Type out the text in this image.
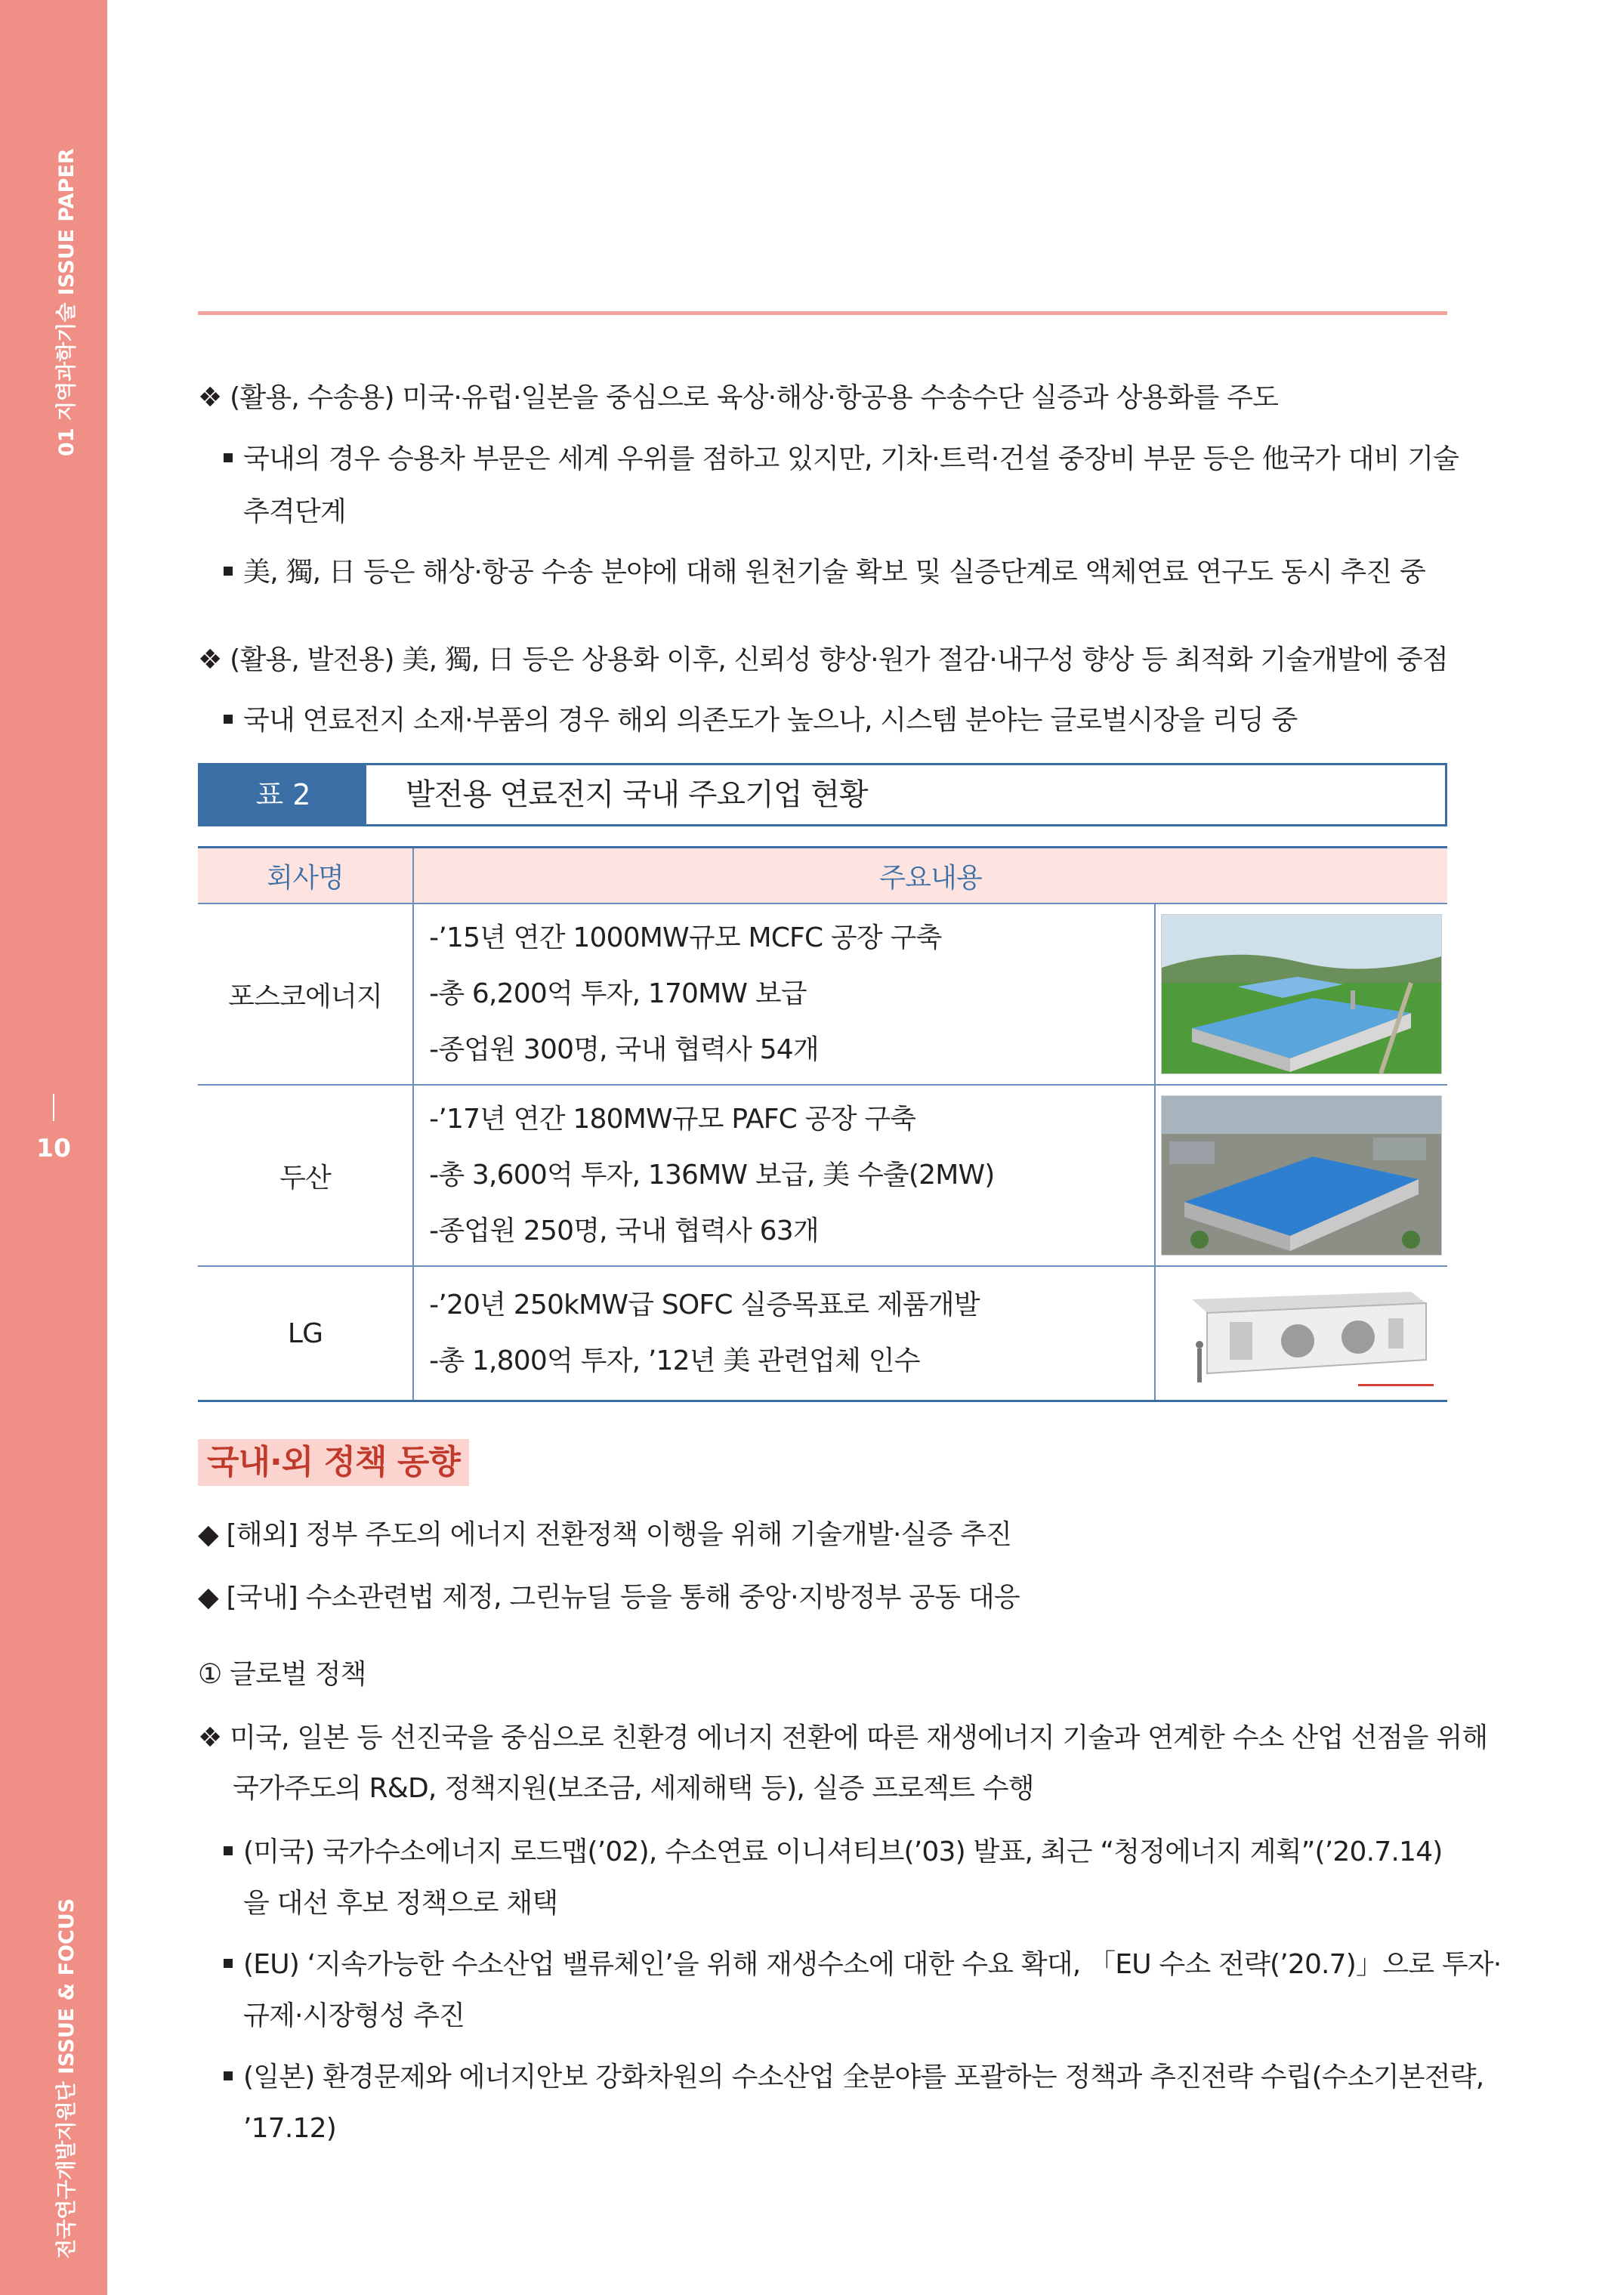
01 지역과학기술 ISSUE PAPER
10
전국연구개발지원단 ISSUE & FOCUS
❖ (활용, 수송용) 미국·유럽·일본을 중심으로 육상·해상·항공용 수송수단 실증과 상용화를 주도
국내의 경우 승용차 부문은 세계 우위를 점하고 있지만, 기차·트럭·건설 중장비 부문 등은 他국가 대비 기술
추격단계
美, 獨, 日 등은 해상·항공 수송 분야에 대해 원천기술 확보 및 실증단계로 액체연료 연구도 동시 추진 중
❖ (활용, 발전용) 美, 獨, 日 등은 상용화 이후, 신뢰성 향상·원가 절감·내구성 향상 등 최적화 기술개발에 중점
국내 연료전지 소재·부품의 경우 해외 의존도가 높으나, 시스템 분야는 글로벌시장을 리딩 중
표 2	발전용 연료전지 국내 주요기업 현황
회사명	주요내용	
포스코에너지	-’15년 연간 1000MW규모 MCFC 공장 구축
-총 6,200억 투자, 170MW 보급
-종업원 300명, 국내 협력사 54개

두산	-’17년 연간 180MW규모 PAFC 공장 구축
-총 3,600억 투자, 136MW 보급, 美 수출(2MW)
-종업원 250명, 국내 협력사 63개

LG	-’20년 250kMW급 SOFC 실증목표로 제품개발
-총 1,800억 투자, ’12년 美 관련업체 인수

국내·외 정책 동향
◆ [해외] 정부 주도의 에너지 전환정책 이행을 위해 기술개발·실증 추진
◆ [국내] 수소관련법 제정, 그린뉴딜 등을 통해 중앙·지방정부 공동 대응
① 글로벌 정책
❖ 미국, 일본 등 선진국을 중심으로 친환경 에너지 전환에 따른 재생에너지 기술과 연계한 수소 산업 선점을 위해
국가주도의 R&D, 정책지원(보조금, 세제해택 등), 실증 프로젝트 수행
(미국) 국가수소에너지 로드맵(’02), 수소연료 이니셔티브(’03) 발표, 최근 “청정에너지 계획”(’20.7.14)
을 대선 후보 정책으로 채택
(EU) ‘지속가능한 수소산업 밸류체인’을 위해 재생수소에 대한 수요 확대, 「EU 수소 전략(’20.7)」으로 투자·
규제·시장형성 추진
(일본) 환경문제와 에너지안보 강화차원의 수소산업 全분야를 포괄하는 정책과 추진전략 수립(수소기본전략,
’17.12)
